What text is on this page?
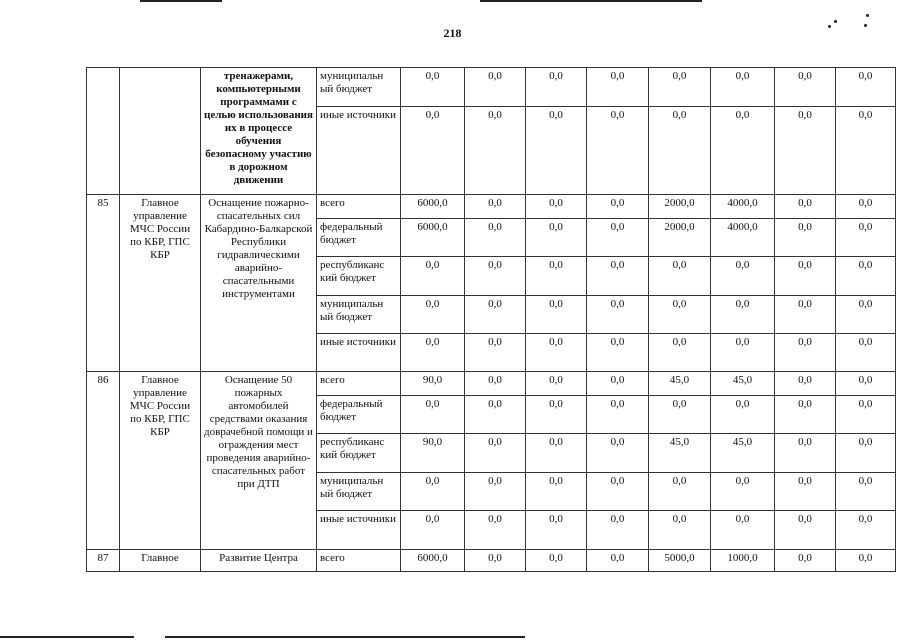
218
		тренажерами, компьютерными программами с целью использования их в процессе обучения безопасному участию в дорожном движении	муниципальн ый бюджет	0,0	0,0	0,0	0,0	0,0	0,0	0,0	0,0
			иные источники	0,0	0,0	0,0	0,0	0,0	0,0	0,0	0,0
85	Главное управление МЧС России по КБР, ГПС КБР	Оснащение пожарно-спасательных сил Кабардино-Балкарской Республики гидравлическими аварийно-спасательными инструментами	всего	6000,0	0,0	0,0	0,0	2000,0	4000,0	0,0	0,0
			федеральный бюджет	6000,0	0,0	0,0	0,0	2000,0	4000,0	0,0	0,0
			республиканс кий бюджет	0,0	0,0	0,0	0,0	0,0	0,0	0,0	0,0
			муниципальн ый бюджет	0,0	0,0	0,0	0,0	0,0	0,0	0,0	0,0
			иные источники	0,0	0,0	0,0	0,0	0,0	0,0	0,0	0,0
86	Главное управление МЧС России по КБР, ГПС КБР	Оснащение 50 пожарных автомобилей средствами оказания доврачебной помощи и ограждения мест проведения аварийно-спасательных работ при ДТП	всего	90,0	0,0	0,0	0,0	45,0	45,0	0,0	0,0
			федеральный бюджет	0,0	0,0	0,0	0,0	0,0	0,0	0,0	0,0
			республиканс кий бюджет	90,0	0,0	0,0	0,0	45,0	45,0	0,0	0,0
			муниципальн ый бюджет	0,0	0,0	0,0	0,0	0,0	0,0	0,0	0,0
			иные источники	0,0	0,0	0,0	0,0	0,0	0,0	0,0	0,0
87	Главное	Развитие Центра	всего	6000,0	0,0	0,0	0,0	5000,0	1000,0	0,0	0,0
